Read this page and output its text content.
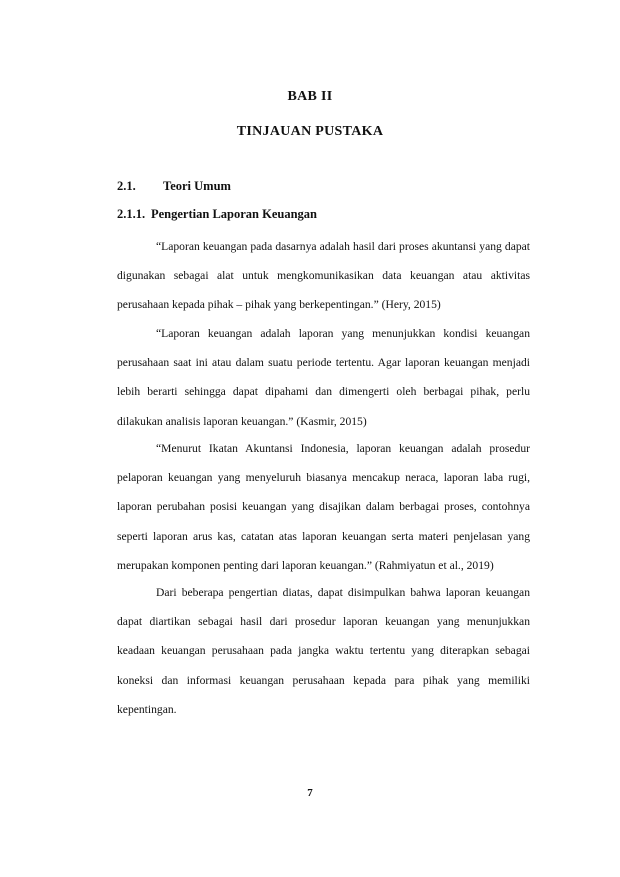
BAB II
TINJAUAN PUSTAKA
2.1. Teori Umum
2.1.1. Pengertian Laporan Keuangan

“Laporan keuangan pada dasarnya adalah hasil dari proses akuntansi yang dapat digunakan sebagai alat untuk mengkomunikasikan data keuangan atau aktivitas perusahaan kepada pihak – pihak yang berkepentingan.” (Hery, 2015)

“Laporan keuangan adalah laporan yang menunjukkan kondisi keuangan perusahaan saat ini atau dalam suatu periode tertentu. Agar laporan keuangan menjadi lebih berarti sehingga dapat dipahami dan dimengerti oleh berbagai pihak, perlu dilakukan analisis laporan keuangan.” (Kasmir, 2015)

“Menurut Ikatan Akuntansi Indonesia, laporan keuangan adalah prosedur pelaporan keuangan yang menyeluruh biasanya mencakup neraca, laporan laba rugi, laporan perubahan posisi keuangan yang disajikan dalam berbagai proses, contohnya seperti laporan arus kas, catatan atas laporan keuangan serta materi penjelasan yang merupakan komponen penting dari laporan keuangan.” (Rahmiyatun et al., 2019)

Dari beberapa pengertian diatas, dapat disimpulkan bahwa laporan keuangan dapat diartikan sebagai hasil dari prosedur laporan keuangan yang menunjukkan keadaan keuangan perusahaan pada jangka waktu tertentu yang diterapkan sebagai koneksi dan informasi keuangan perusahaan kepada para pihak yang memiliki kepentingan.

7
